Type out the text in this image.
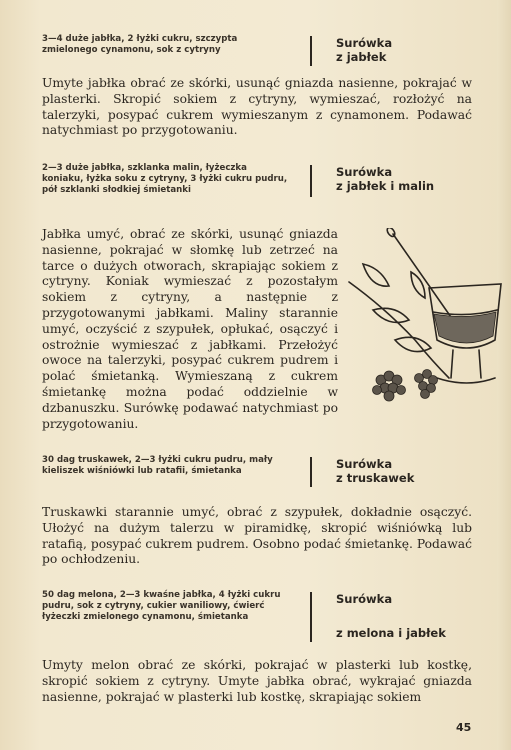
3—4 duże jabłka, 2 łyżki cukru, szczypta zmielonego cynamonu, sok z cytryny	Surówka
z jabłek

Umyte jabłka obrać ze skórki, usunąć gniazda nasienne, pokrajać w plasterki. Skropić sokiem z cytryny, wymieszać, rozłożyć na talerzyki, posypać cukrem wymieszanym z cynamonem. Podawać natychmiast po przygotowaniu.

2—3 duże jabłka, szklanka malin, łyżeczka koniaku, łyżka soku z cytryny, 3 łyżki cukru pudru, pół szklanki słodkiej śmietanki
Surówka
z jabłek i malin

Jabłka umyć, obrać ze skórki, usunąć gniazda nasienne, pokrajać w słomkę lub zetrzeć na tarce o dużych otworach, skrapiając sokiem z cytryny. Koniak wymieszać z pozostałym sokiem z cytryny, a następnie z przygotowanymi jabłkami. Maliny starannie umyć, oczyścić z szypułek, opłukać, osączyć i ostrożnie wymieszać z jabłkami. Przełożyć owoce na talerzyki, posypać cukrem pudrem i polać śmietanką. Wymieszaną z cukrem śmietankę można podać oddzielnie w dzbanuszku. Surówkę podawać natychmiast po przygotowaniu.

30 dag truskawek, 2—3 łyżki cukru pudru, mały kieliszek wiśniówki lub ratafii, śmietanka	Surówka
z truskawek

Truskawki starannie umyć, obrać z szypułek, dokładnie osączyć. Ułożyć na dużym talerzu w piramidkę, skropić wiśniówką lub ratafią, posypać cukrem pudrem. Osobno podać śmietankę. Podawać po ochłodzeniu.

50 dag melona, 2—3 kwaśne jabłka, 4 łyżki cukru pudru, sok z cytryny, cukier waniliowy, ćwierć łyżeczki zmielonego cynamonu, śmietanka
Surówka
z melona i jabłek

Umyty melon obrać ze skórki, pokrajać w plasterki lub kostkę, skropić sokiem z cytryny. Umyte jabłka obrać, wykrajać gniazda nasienne, pokrajać w plasterki lub kostkę, skrapiając sokiem

45
